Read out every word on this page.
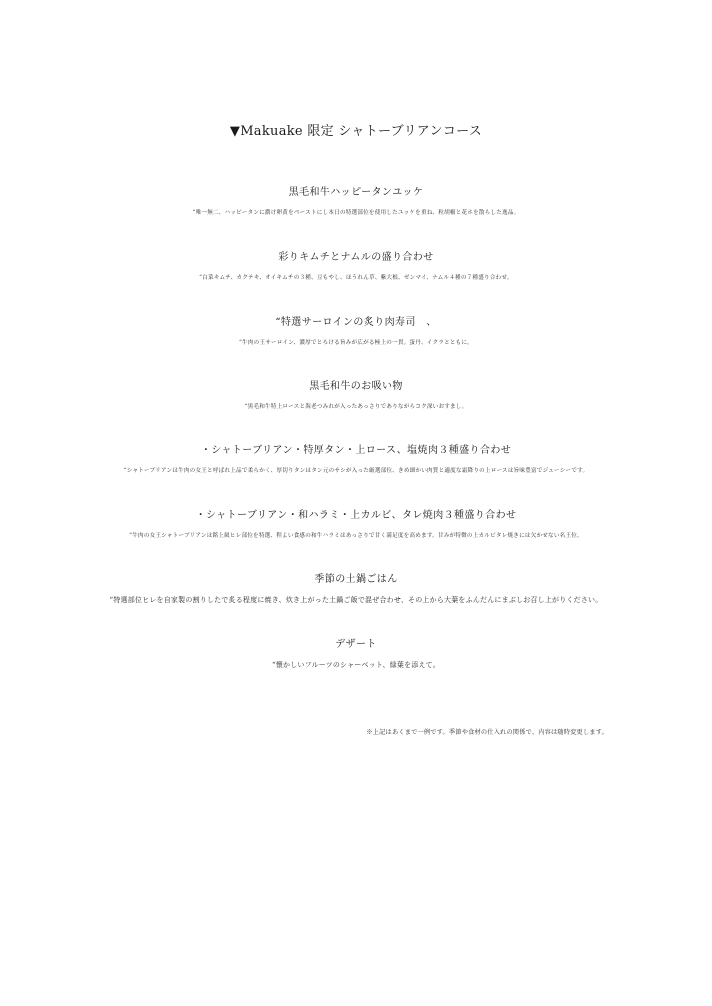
▼Makuake 限定 シャトーブリアンコース
黒毛和牛ハッピータンユッケ
“唯一無二、ハッピータンに濃け卵黄をペーストにし本日の特選部位を使用したユッケを重ね、粒胡椒と花ホを散らした逸品。
彩りキムチとナムルの盛り合わせ
“白菜キムチ、カクテキ、オイキムチの３種、豆もやし、ほうれん草、紫大根、ゼンマイ、ナムル４種の７種盛り合わせ。
“特選サーロインの炙り肉寿司　、
“牛肉の王サーロイン、濃厚でとろける旨みが広がる極上の一貫。蛋丹、イクラとともに。
黒毛和牛のお吸い物
“黒毛和牛特上ロースと海老つみれが入ったあっさりでありながらコク深いおすまし。
・シャトーブリアン・特厚タン・上ロース、塩焼肉３種盛り合わせ
“シャトーブリアンは牛肉の女王と呼ばれ上品で柔らかく、厚切りタンはタン元のサシが入った厳選部位、きめ細かい肉質と適度な霜降りの上ロースは旨味豊富でジューシーです。
・シャトーブリアン・和ハラミ・上カルビ、タレ焼肉３種盛り合わせ
“牛肉の女王シャトーブリアンは銘上級ヒレ部位を特選、程よい食感の和牛ハラミはあっさりで甘く満足度を高めます。甘みが特徴の上カルビタレ焼きには欠かせない名王位。
季節の土鍋ごはん
“特選部位ヒレを自家製の割りしたで炙る程度に焼き、炊き上がった土鍋ご飯で混ぜ合わせ、その上から大葉をふんだんにまぶしお召し上がりください。
デザート
“懐かしいフルーツのシャーベット、緑葉を添えて。
※上記はあくまで一例です。季節や食材の仕入れの関係で、内容は随時変更します。
